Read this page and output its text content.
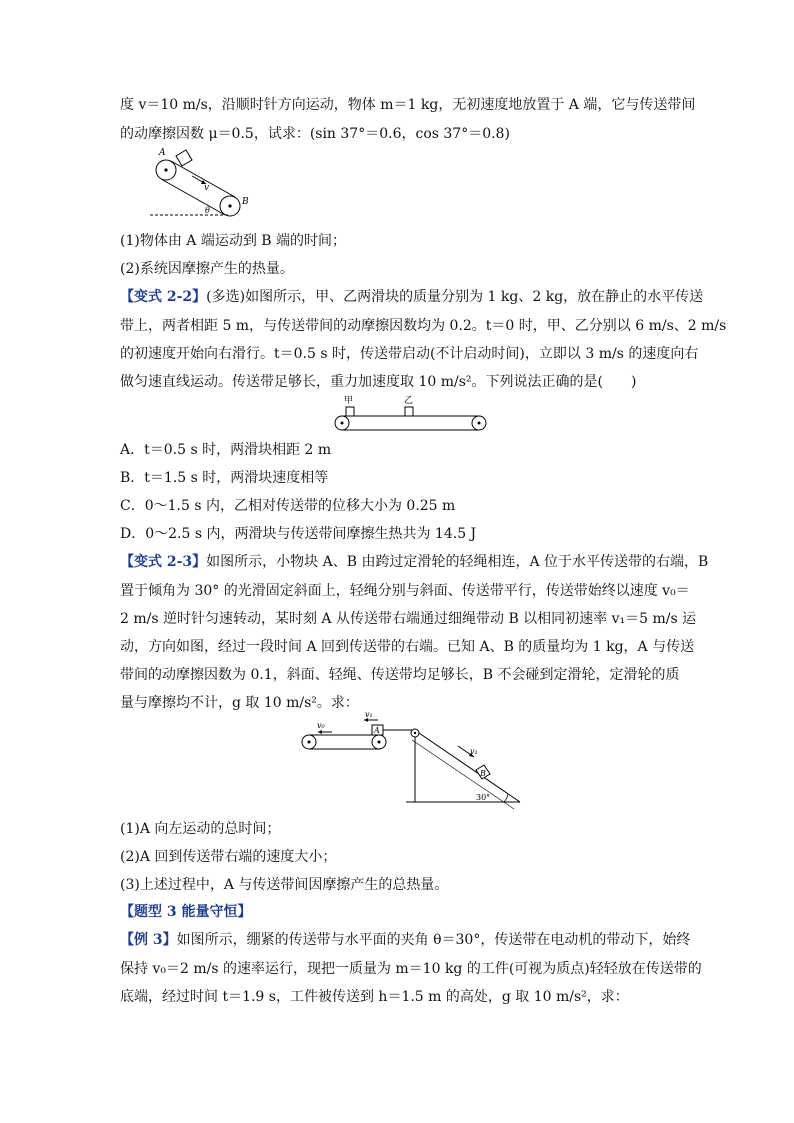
度 v＝10 m/s，沿顺时针方向运动，物体 m＝1 kg，无初速度地放置于 A 端，它与传送带间
的动摩擦因数 μ＝0.5，试求：(sin 37°＝0.6，cos 37°＝0.8)
A
B
v
θ
(1)物体由 A 端运动到 B 端的时间；
(2)系统因摩擦产生的热量。
【变式 2-2】(多选)如图所示，甲、乙两滑块的质量分别为 1 kg、2 kg，放在静止的水平传送
带上，两者相距 5 m，与传送带间的动摩擦因数均为 0.2。t＝0 时，甲、乙分别以 6 m/s、2 m/s
的初速度开始向右滑行。t＝0.5 s 时，传送带启动(不计启动时间)，立即以 3 m/s 的速度向右
做匀速直线运动。传送带足够长，重力加速度取 10 m/s²。下列说法正确的是(　　)
甲	乙
A．t＝0.5 s 时，两滑块相距 2 m
B．t＝1.5 s 时，两滑块速度相等
C．0～1.5 s 内，乙相对传送带的位移大小为 0.25 m
D．0～2.5 s 内，两滑块与传送带间摩擦生热共为 14.5 J
【变式 2-3】如图所示，小物块 A、B 由跨过定滑轮的轻绳相连，A 位于水平传送带的右端，B
置于倾角为 30° 的光滑固定斜面上，轻绳分别与斜面、传送带平行，传送带始终以速度 v₀＝
2 m/s 逆时针匀速转动，某时刻 A 从传送带右端通过细绳带动 B 以相同初速率 v₁＝5 m/s 运
动，方向如图，经过一段时间 A 回到传送带的右端。已知 A、B 的质量均为 1 kg，A 与传送
带间的动摩擦因数为 0.1，斜面、轻绳、传送带均足够长，B 不会碰到定滑轮，定滑轮的质
量与摩擦均不计，g 取 10 m/s²。求：
v₀
v₁
A
v₁
B
30°
(1)A 向左运动的总时间；
(2)A 回到传送带右端的速度大小；
(3)上述过程中，A 与传送带间因摩擦产生的总热量。
【题型 3 能量守恒】
【例 3】如图所示，绷紧的传送带与水平面的夹角 θ＝30°，传送带在电动机的带动下，始终
保持 v₀＝2 m/s 的速率运行，现把一质量为 m＝10 kg 的工件(可视为质点)轻轻放在传送带的
底端，经过时间 t＝1.9 s，工件被传送到 h＝1.5 m 的高处，g 取 10 m/s²，求：
